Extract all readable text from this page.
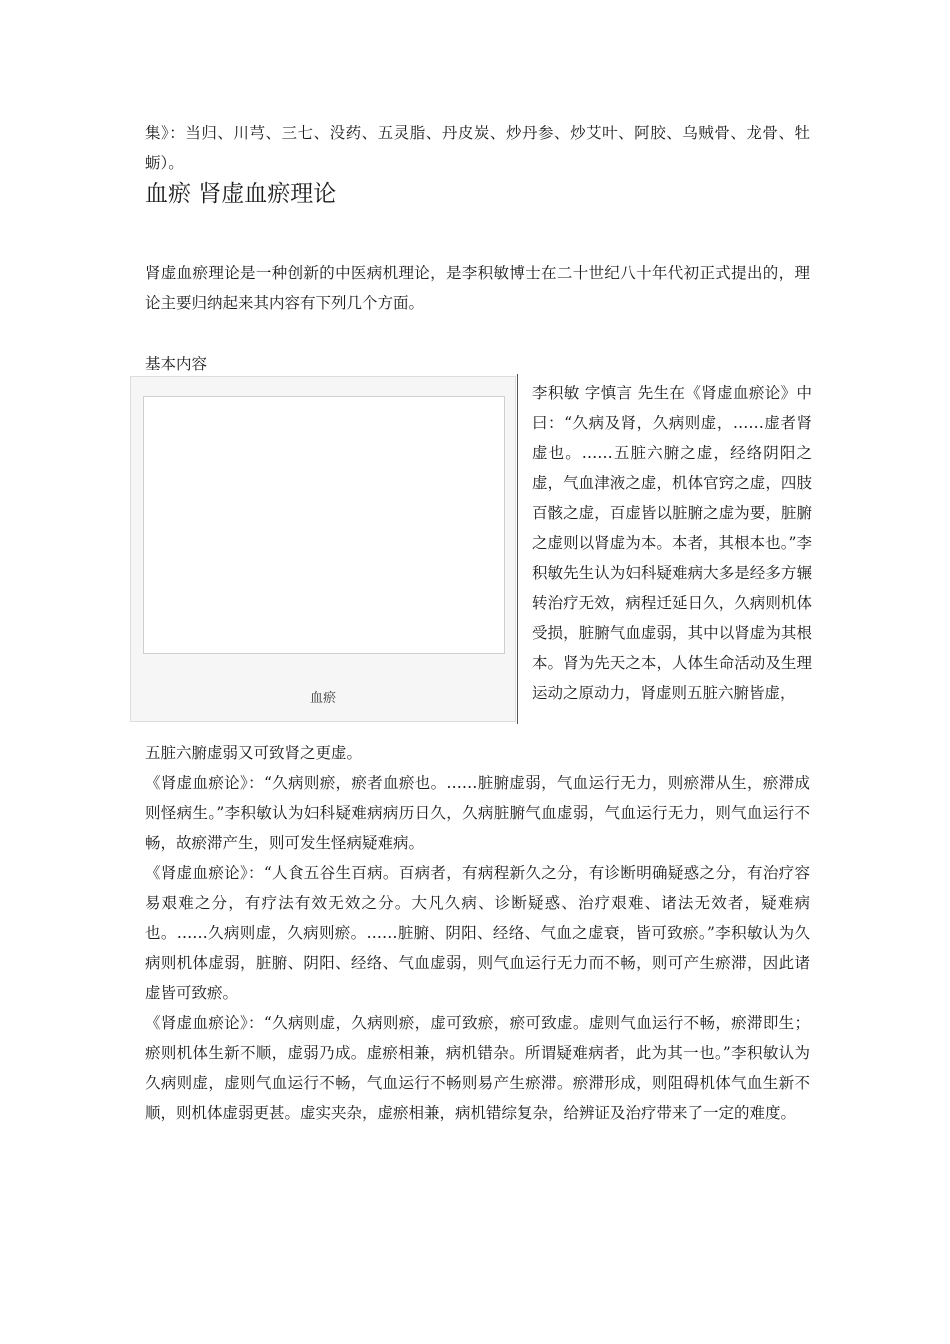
集》：当归、川芎、三七、没药、五灵脂、丹皮炭、炒丹参、炒艾叶、阿胶、乌贼骨、龙骨、牡蛎）。

血瘀 肾虚血瘀理论

肾虚血瘀理论是一种创新的中医病机理论，是李积敏博士在二十世纪八十年代初正式提出的，理论主要归纳起来其内容有下列几个方面。

基本内容

血瘀

李积敏 字慎言 先生在《肾虚血瘀论》中曰：“久病及肾，久病则虚，……虚者肾虚也。……五脏六腑之虚，经络阴阳之虚，气血津液之虚，机体官窍之虚，四肢百骸之虚，百虚皆以脏腑之虚为要，脏腑之虚则以肾虚为本。本者，其根本也。”李积敏先生认为妇科疑难病大多是经多方辗转治疗无效，病程迁延日久，久病则机体受损，脏腑气血虚弱，其中以肾虚为其根本。肾为先天之本，人体生命活动及生理运动之原动力，肾虚则五脏六腑皆虚，

五脏六腑虚弱又可致肾之更虚。

《肾虚血瘀论》：“久病则瘀，瘀者血瘀也。……脏腑虚弱，气血运行无力，则瘀滞从生，瘀滞成则怪病生。”李积敏认为妇科疑难病病历日久，久病脏腑气血虚弱，气血运行无力，则气血运行不畅，故瘀滞产生，则可发生怪病疑难病。

《肾虚血瘀论》：“人食五谷生百病。百病者，有病程新久之分，有诊断明确疑惑之分，有治疗容易艰难之分，有疗法有效无效之分。大凡久病、诊断疑惑、治疗艰难、诸法无效者，疑难病也。……久病则虚，久病则瘀。……脏腑、阴阳、经络、气血之虚衰，皆可致瘀。”李积敏认为久病则机体虚弱，脏腑、阴阳、经络、气血虚弱，则气血运行无力而不畅，则可产生瘀滞，因此诸虚皆可致瘀。

《肾虚血瘀论》：“久病则虚，久病则瘀，虚可致瘀，瘀可致虚。虚则气血运行不畅，瘀滞即生；瘀则机体生新不顺，虚弱乃成。虚瘀相兼，病机错杂。所谓疑难病者，此为其一也。”李积敏认为久病则虚，虚则气血运行不畅，气血运行不畅则易产生瘀滞。瘀滞形成，则阻碍机体气血生新不顺，则机体虚弱更甚。虚实夹杂，虚瘀相兼，病机错综复杂，给辨证及治疗带来了一定的难度。
